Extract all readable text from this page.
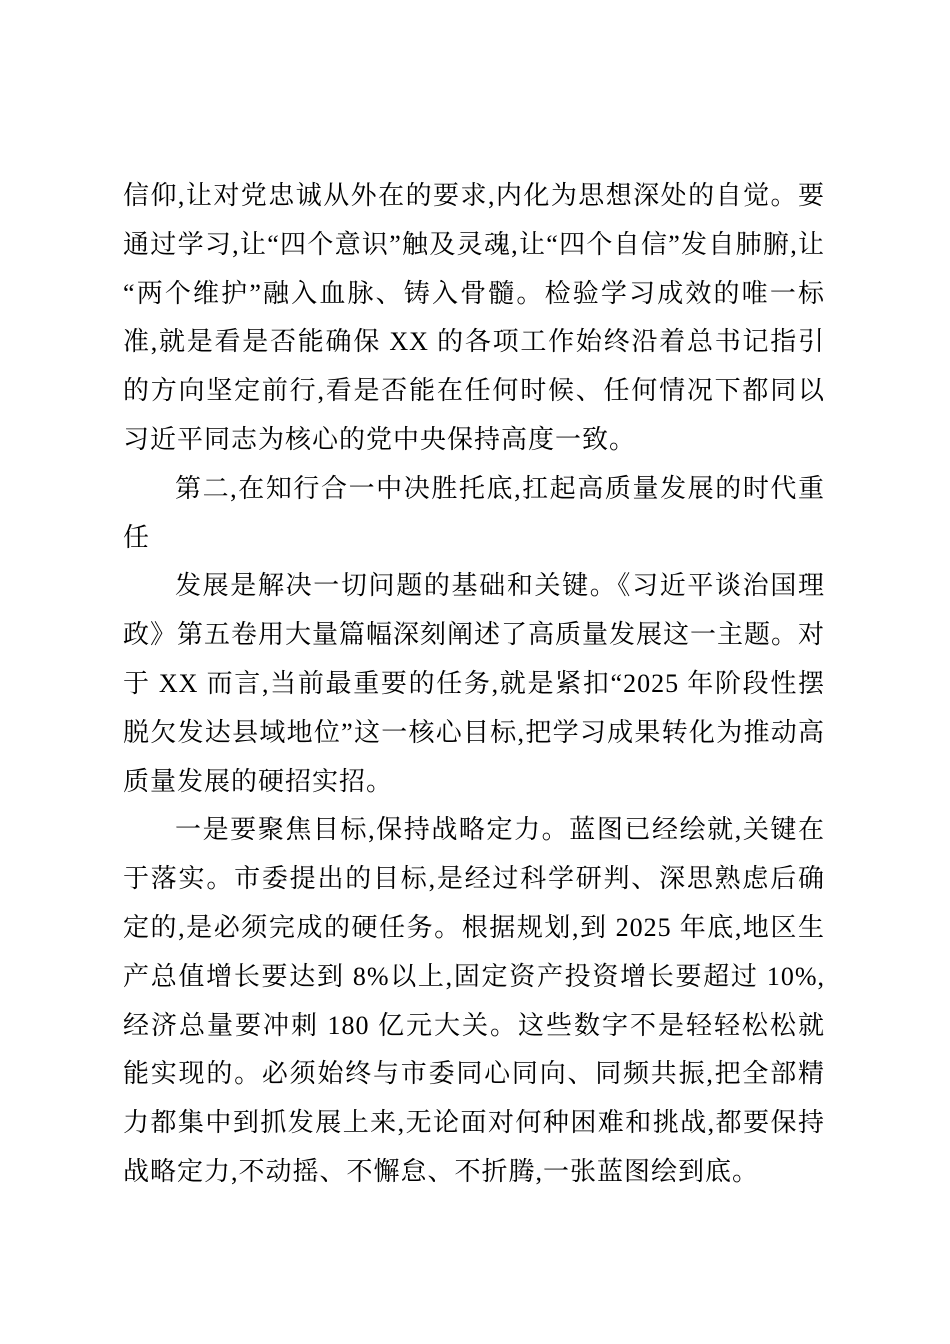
信仰,让对党忠诚从外在的要求,内化为思想深处的自觉。要通过学习,让“四个意识”触及灵魂,让“四个自信”发自肺腑,让“两个维护”融入血脉、铸入骨髓。检验学习成效的唯一标准,就是看是否能确保 XX 的各项工作始终沿着总书记指引的方向坚定前行,看是否能在任何时候、任何情况下都同以习近平同志为核心的党中央保持高度一致。

第二,在知行合一中决胜托底,扛起高质量发展的时代重任

发展是解决一切问题的基础和关键。《习近平谈治国理政》第五卷用大量篇幅深刻阐述了高质量发展这一主题。对于 XX 而言,当前最重要的任务,就是紧扣“2025 年阶段性摆脱欠发达县域地位”这一核心目标,把学习成果转化为推动高质量发展的硬招实招。

一是要聚焦目标,保持战略定力。蓝图已经绘就,关键在于落实。市委提出的目标,是经过科学研判、深思熟虑后确定的,是必须完成的硬任务。根据规划,到 2025 年底,地区生产总值增长要达到 8%以上,固定资产投资增长要超过 10%,经济总量要冲刺 180 亿元大关。这些数字不是轻轻松松就能实现的。必须始终与市委同心同向、同频共振,把全部精力都集中到抓发展上来,无论面对何种困难和挑战,都要保持战略定力,不动摇、不懈怠、不折腾,一张蓝图绘到底。
